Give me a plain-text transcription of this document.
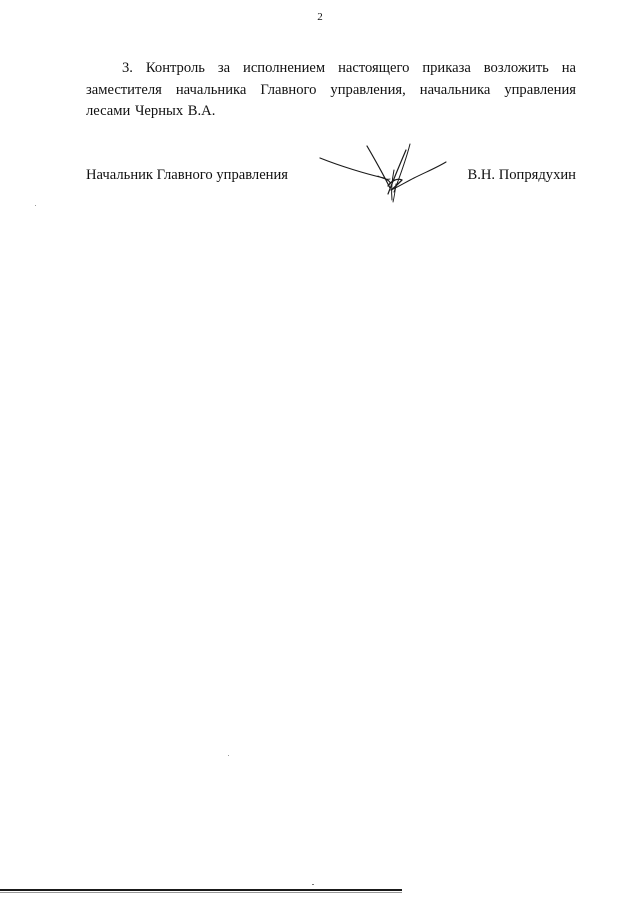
2

3. Контроль за исполнением настоящего приказа возложить на заместителя начальника Главного управления, начальника управления лесами Черных В.А.

Начальник Главного управления	В.Н. Попрядухин
